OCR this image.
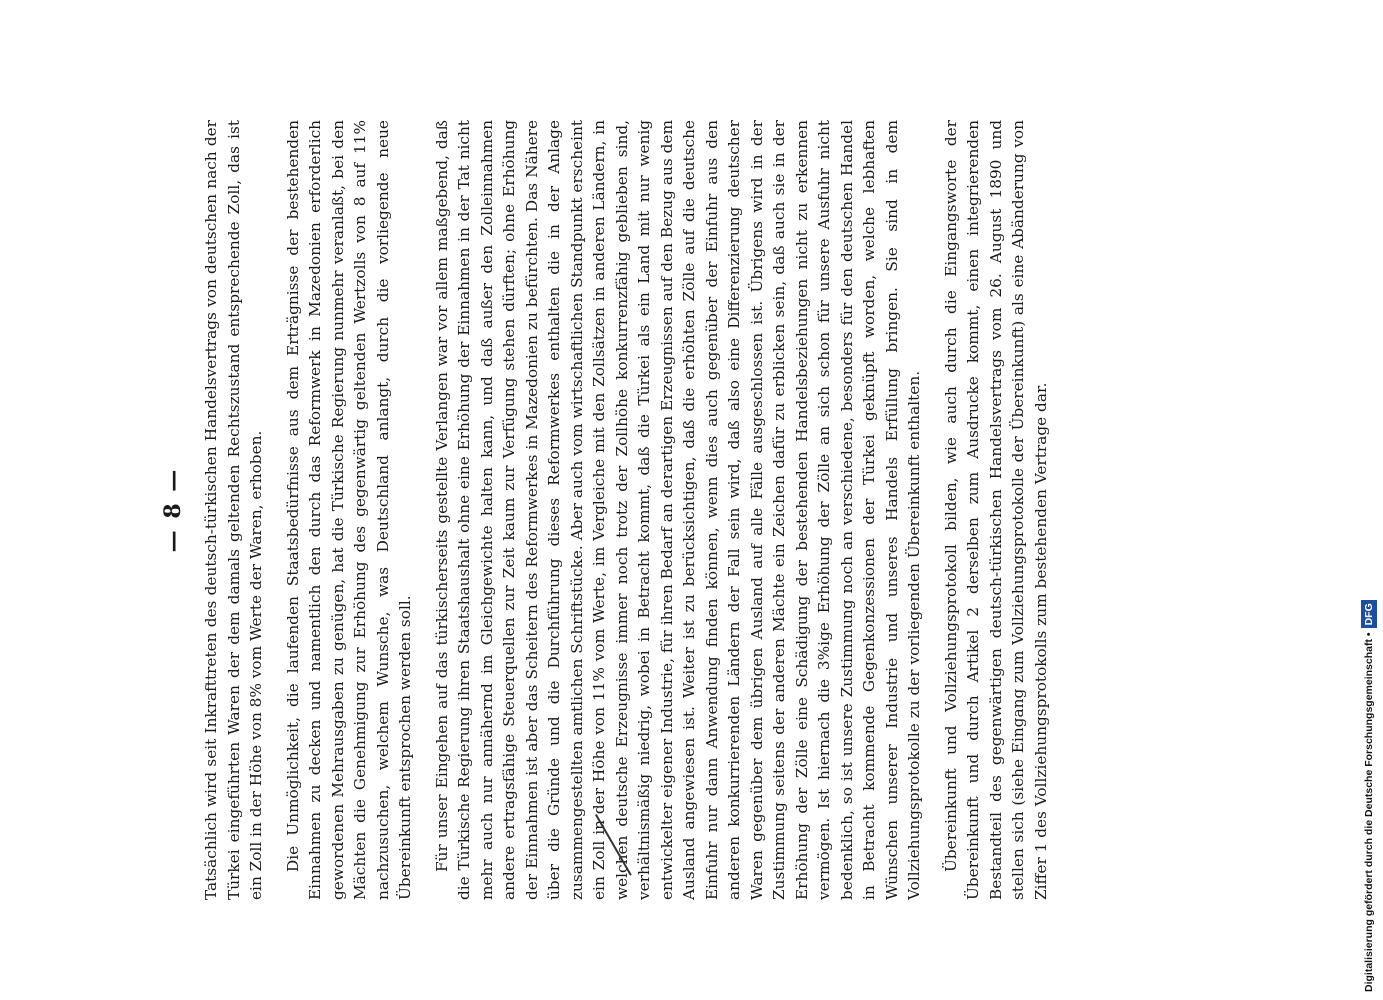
— 8 — Tatsächlich wird seit Inkrafttreten des deutsch-türkischen Handelsvertrags von deutschen nach der Türkei eingeführten Waren der dem damals geltenden Rechtszustand entsprechende Zoll, das ist ein Zoll in der Höhe von 8% vom Werte der Waren, erhoben. Die Unmöglichkeit, die laufenden Staatsbedürfnisse aus dem Erträgnisse der bestehenden Einnahmen zu decken und namentlich den durch das Reformwerk in Mazedonien erforderlich gewordenen Mehrausgaben zu genügen, hat die Türkische Regierung nunmehr veranlaßt, bei den Mächten die Genehmigung zur Erhöhung des gegenwärtig geltenden Wertzolls von 8 auf 11% nachzusuchen, welchem Wunsche, was Deutschland anlangt, durch die vorliegende neue Übereinkunft entsprochen werden soll. Für unser Eingehen auf das türkischerseits gestellte Verlangen war vor allem maßgebend, daß die Türkische Regierung ihren Staatshaushalt ohne eine Erhöhung der Einnahmen in der Tat nicht mehr auch nur annähernd im Gleichgewichte halten kann, und daß außer den Zolleinnahmen andere ertragsfähige Steuerquellen zur Zeit kaum zur Verfügung stehen dürften; ohne Erhöhung der Einnahmen ist aber das Scheitern des Reformwerkes in Mazedonien zu befürchten. Das Nähere über die Gründe und die Durchführung dieses Reformwerkes enthalten die in der Anlage zusammengestellten amtlichen Schriftstücke. Aber auch vom wirtschaftlichen Standpunkt erscheint ein Zoll in der Höhe von 11% vom Werte, im Vergleiche mit den Zollsätzen in anderen Ländern, in welchen deutsche Erzeugnisse immer noch trotz der Zollhöhe konkurrenzfähig geblieben sind, verhältnismäßig niedrig, wobei in Betracht kommt, daß die Türkei als ein Land mit nur wenig entwickelter eigener Industrie, für ihren Bedarf an derartigen Erzeugnissen auf den Bezug aus dem Ausland angewiesen ist. Weiter ist zu berücksichtigen, daß die erhöhten Zölle auf die deutsche Einfuhr nur dann Anwendung finden können, wenn dies auch gegenüber der Einfuhr aus den anderen konkurrierenden Ländern der Fall sein wird, daß also eine Differenzierung deutscher Waren gegenüber dem übrigen Ausland auf alle Fälle ausgeschlossen ist. Übrigens wird in der Zustimmung seitens der anderen Mächte ein Zeichen dafür zu erblicken sein, daß auch sie in der Erhöhung der Zölle eine Schädigung der bestehenden Handelsbeziehungen nicht zu erkennen vermögen. Ist hiernach die 3%ige Erhöhung der Zölle an sich schon für unsere Ausfuhr nicht bedenklich, so ist unsere Zustimmung noch an verschiedene, besonders für den deutschen Handel in Betracht kommende Gegenkonzessionen der Türkei geknüpft worden, welche lebhaften Wünschen unserer Industrie und unseres Handels Erfüllung bringen. Sie sind in dem Vollziehungsprotokolle zu der vorliegenden Übereinkunft enthalten. Übereinkunft und Vollziehungsprotokoll bilden, wie auch durch die Eingangsworte der Übereinkunft und durch Artikel 2 derselben zum Ausdrucke kommt, einen integrierenden Bestandteil des gegenwärtigen deutsch-türkischen Handelsvertrags vom 26. August 1890 und stellen sich (siehe Eingang zum Vollziehungsprotokolle der Übereinkunft) als eine Abänderung von Ziffer 1 des Vollziehungsprotokolls zum bestehenden Vertrage dar.	Digitalisierung gefördert durch die Deutsche Forschungsgemeinschaft •DFG
